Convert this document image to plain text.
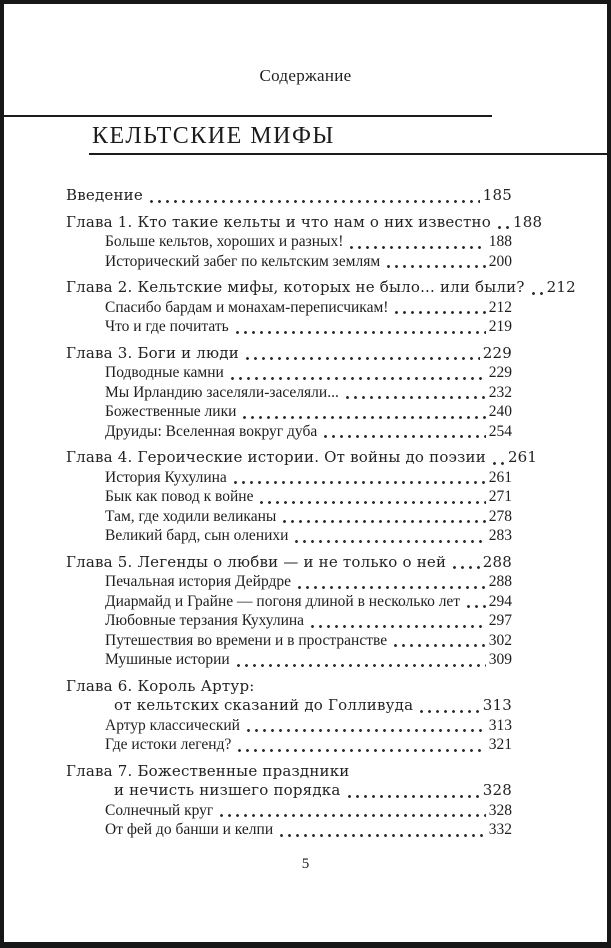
Содержание
КЕЛЬТСКИЕ МИФЫ
Введение	185
Глава 1. Кто такие кельты и что нам о них известно 188
Больше кельтов, хороших и разных!	188
Исторический забег по кельтским землям	200
Глава 2. Кельтские мифы, которых не было... или были? 212
Спасибо бардам и монахам-переписчикам!	212
Что и где почитать	219
Глава 3. Боги и люди	229
Подводные камни	229
Мы Ирландию заселяли-заселяли...	232
Божественные лики	240
Друиды: Вселенная вокруг дуба	254
Глава 4. Героические истории. От войны до поэзии 261
История Кухулина	261
Бык как повод к войне	271
Там, где ходили великаны	278
Великий бард, сын оленихи	283
Глава 5. Легенды о любви — и не только о ней 288
Печальная история Дейрдре	288
Диармайд и Грайне — погоня длиной в несколько лет 294
Любовные терзания Кухулина	297
Путешествия во времени и в пространстве	302
Мушиные истории	309
Глава 6. Король Артур:
от кельтских сказаний до Голливуда	313
Артур классический	313
Где истоки легенд?	321
Глава 7. Божественные праздники
и нечисть низшего порядка	328
Солнечный круг	328
От фей до банши и келпи	332
5
